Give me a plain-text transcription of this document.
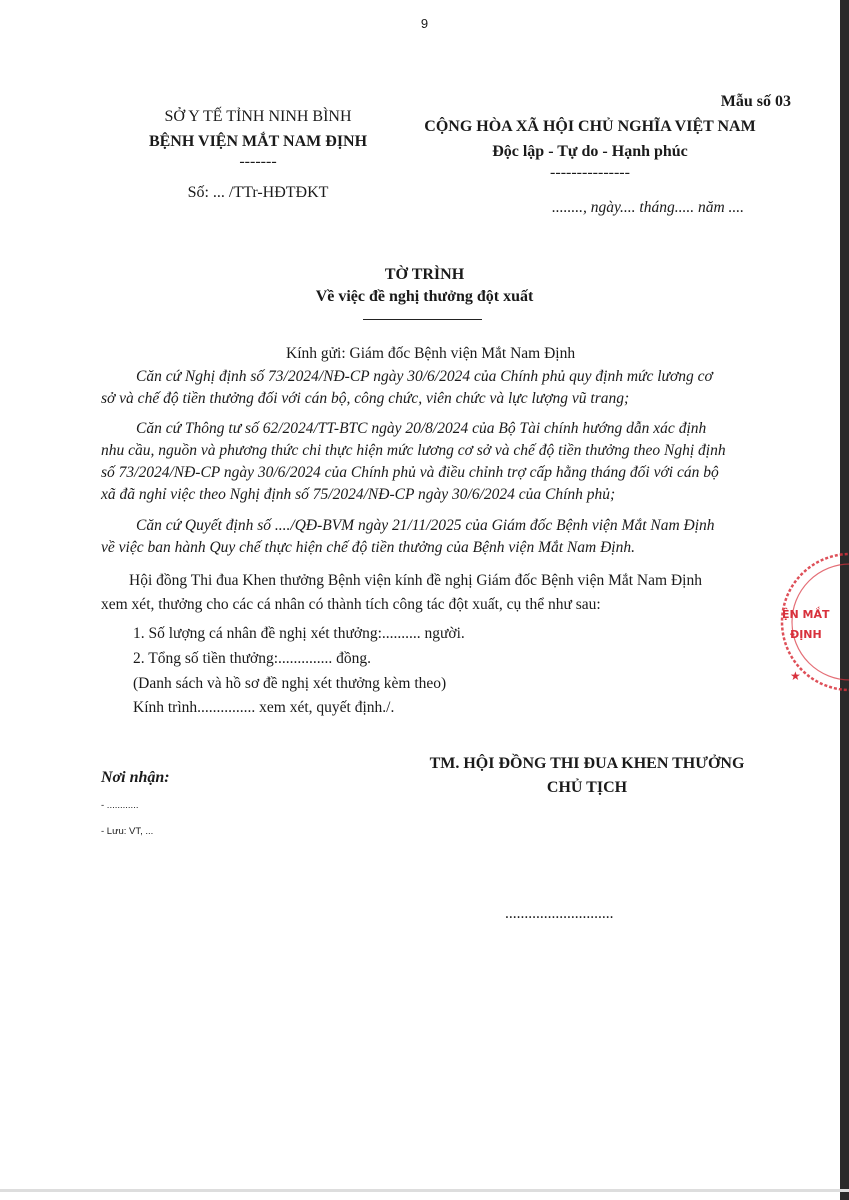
9
Mẫu số 03
SỞ Y TẾ TỈNH NINH BÌNH
BỆNH VIỆN MẮT NAM ĐỊNH
-------
Số: ... /TTr-HĐTĐKT
CỘNG HÒA XÃ HỘI CHỦ NGHĨA VIỆT NAM
Độc lập - Tự do - Hạnh phúc
---------------
........, ngày.... tháng..... năm ....
TỜ TRÌNH
Về việc đề nghị thưởng đột xuất
Kính gửi: Giám đốc Bệnh viện Mắt Nam Định
Căn cứ Nghị định số 73/2024/NĐ-CP ngày 30/6/2024 của Chính phủ quy định mức lương cơ
sở và chế độ tiền thưởng đối với cán bộ, công chức, viên chức và lực lượng vũ trang;
Căn cứ Thông tư số 62/2024/TT-BTC ngày 20/8/2024 của Bộ Tài chính hướng dẫn xác định
nhu cầu, nguồn và phương thức chi thực hiện mức lương cơ sở và chế độ tiền thưởng theo Nghị định
số 73/2024/NĐ-CP ngày 30/6/2024 của Chính phủ và điều chỉnh trợ cấp hằng tháng đối với cán bộ
xã đã nghỉ việc theo Nghị định số 75/2024/NĐ-CP ngày 30/6/2024 của Chính phủ;
Căn cứ Quyết định số ..../QĐ-BVM ngày 21/11/2025 của Giám đốc Bệnh viện Mắt Nam Định
về việc ban hành Quy chế thực hiện chế độ tiền thưởng của Bệnh viện Mắt Nam Định.
Hội đồng Thi đua Khen thưởng Bệnh viện kính đề nghị Giám đốc Bệnh viện Mắt Nam Định
xem xét, thưởng cho các cá nhân có thành tích công tác đột xuất, cụ thể như sau:
1. Số lượng cá nhân đề nghị xét thưởng:.......... người.
2. Tổng số tiền thưởng:.............. đồng.
(Danh sách và hồ sơ đề nghị xét thưởng kèm theo)
Kính trình............... xem xét, quyết định./.
TM. HỘI ĐỒNG THI ĐUA KHEN THƯỞNG
CHỦ TỊCH
............................
Nơi nhận:
- ............
- Lưu: VT, ...
ỆN MẮT
ĐỊNH
★
